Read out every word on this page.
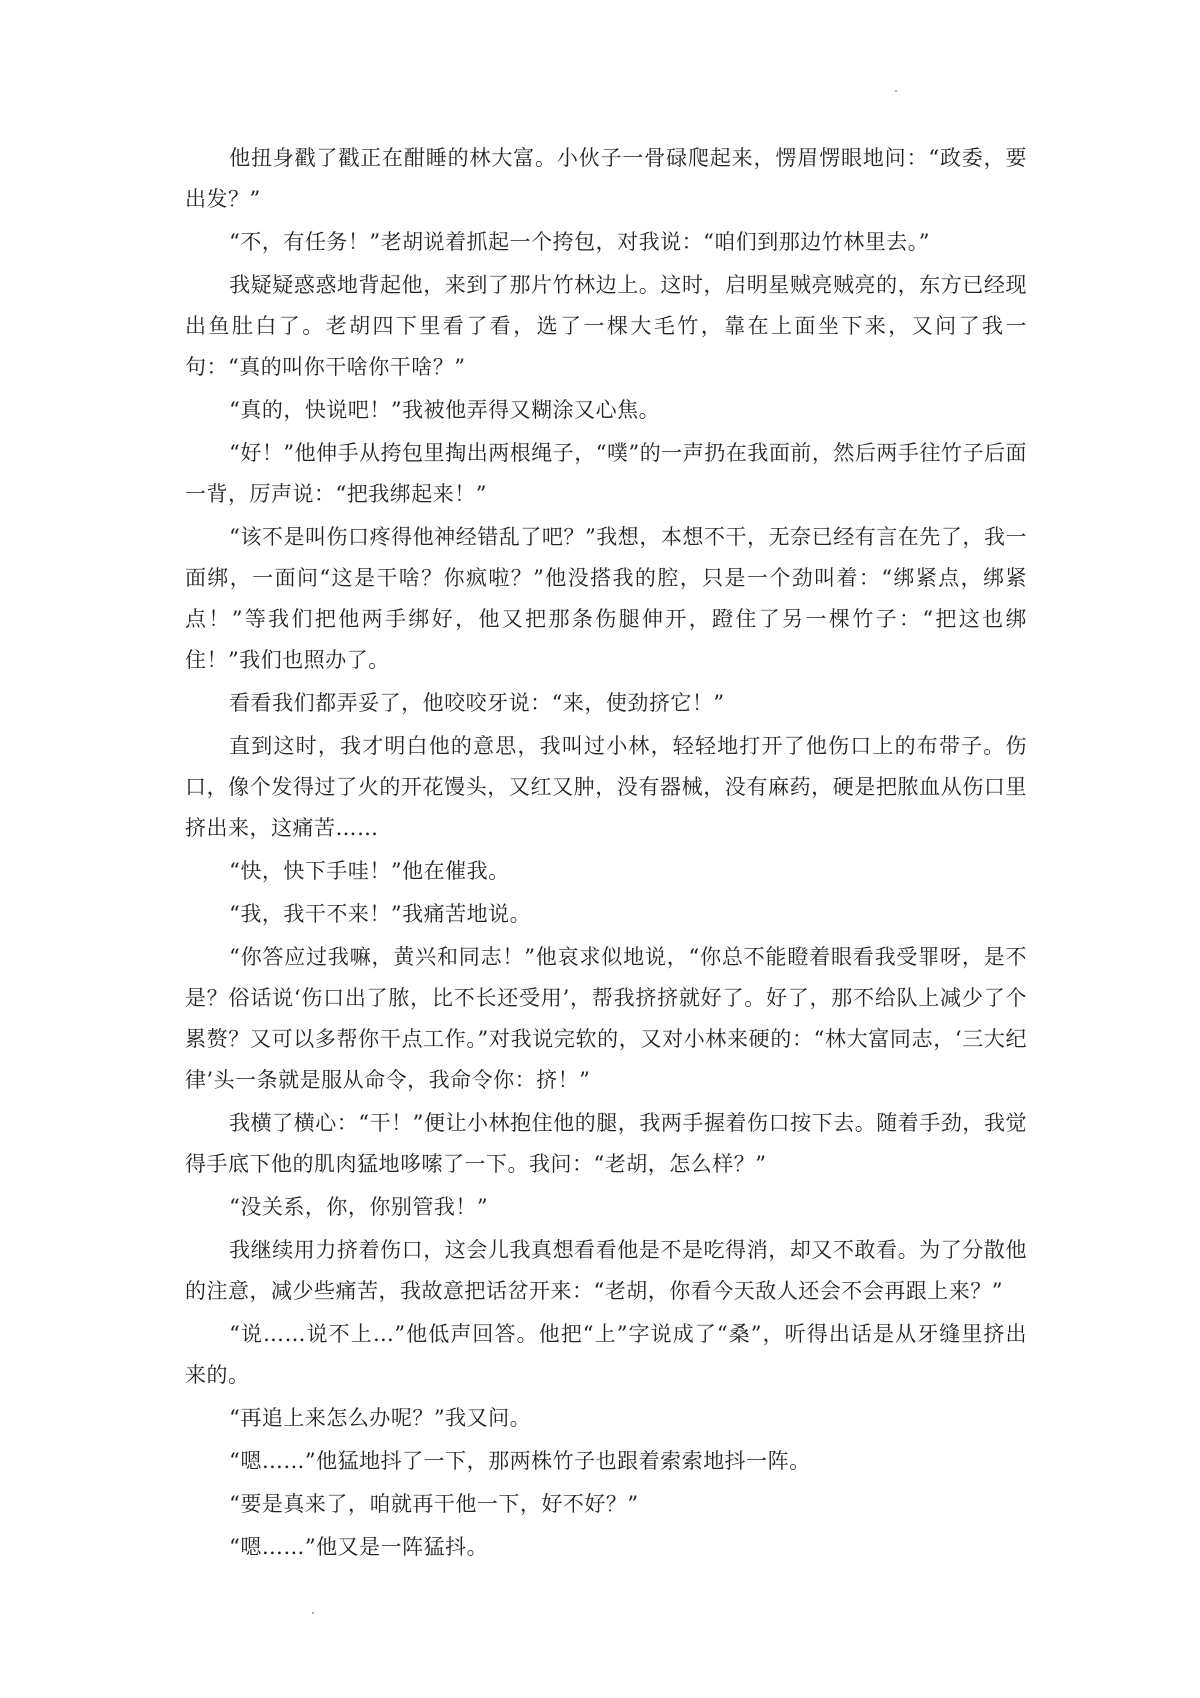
他扭身戳了戳正在酣睡的林大富。小伙子一骨碌爬起来，愣眉愣眼地问：“政委，要出发？”

“不，有任务！”老胡说着抓起一个挎包，对我说：“咱们到那边竹林里去。”

我疑疑惑惑地背起他，来到了那片竹林边上。这时，启明星贼亮贼亮的，东方已经现出鱼肚白了。老胡四下里看了看，选了一棵大毛竹，靠在上面坐下来，又问了我一句：“真的叫你干啥你干啥？”

“真的，快说吧！”我被他弄得又糊涂又心焦。

“好！”他伸手从挎包里掏出两根绳子，“噗”的一声扔在我面前，然后两手往竹子后面一背，厉声说：“把我绑起来！”

“该不是叫伤口疼得他神经错乱了吧？”我想，本想不干，无奈已经有言在先了，我一面绑，一面问“这是干啥？你疯啦？”他没搭我的腔，只是一个劲叫着：“绑紧点，绑紧点！”等我们把他两手绑好，他又把那条伤腿伸开，蹬住了另一棵竹子：“把这也绑住！”我们也照办了。

看看我们都弄妥了，他咬咬牙说：“来，使劲挤它！”

直到这时，我才明白他的意思，我叫过小林，轻轻地打开了他伤口上的布带子。伤口，像个发得过了火的开花馒头，又红又肿，没有器械，没有麻药，硬是把脓血从伤口里挤出来，这痛苦……

“快，快下手哇！”他在催我。

“我，我干不来！”我痛苦地说。

“你答应过我嘛，黄兴和同志！”他哀求似地说，“你总不能瞪着眼看我受罪呀，是不是？俗话说‘伤口出了脓，比不长还受用’，帮我挤挤就好了。好了，那不给队上减少了个累赘？又可以多帮你干点工作。”对我说完软的，又对小林来硬的：“林大富同志，‘三大纪律’头一条就是服从命令，我命令你：挤！”

我横了横心：“干！”便让小林抱住他的腿，我两手握着伤口按下去。随着手劲，我觉得手底下他的肌肉猛地哆嗦了一下。我问：“老胡，怎么样？”

“没关系，你，你别管我！”

我继续用力挤着伤口，这会儿我真想看看他是不是吃得消，却又不敢看。为了分散他的注意，减少些痛苦，我故意把话岔开来：“老胡，你看今天敌人还会不会再跟上来？”

“说……说不上…”他低声回答。他把“上”字说成了“桑”，听得出话是从牙缝里挤出来的。

“再追上来怎么办呢？”我又问。

“嗯……”他猛地抖了一下，那两株竹子也跟着索索地抖一阵。

“要是真来了，咱就再干他一下，好不好？”

“嗯……”他又是一阵猛抖。
